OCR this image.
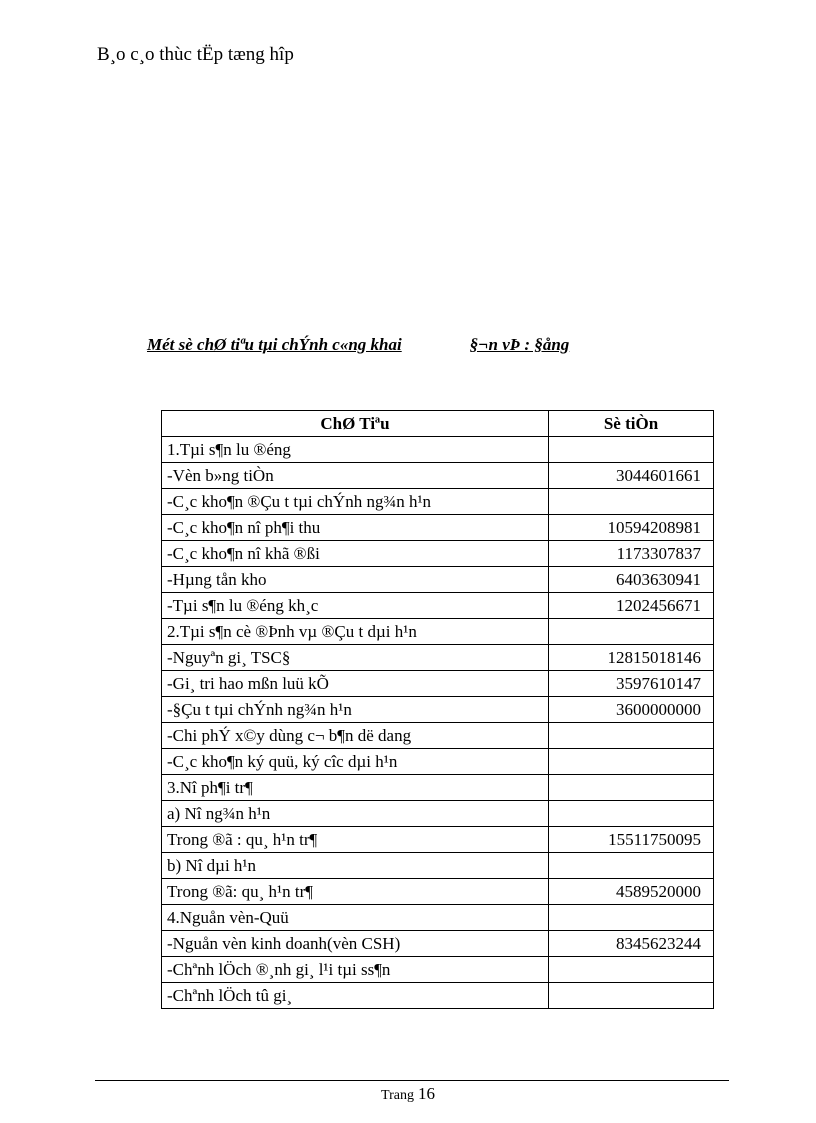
B¸o c¸o thùc tËp tæng hîp
Mét sè chØ tiªu tµi chÝnh c«ng khai	§¬n vÞ : §ång
ChØ Tiªu	Sè tiÒn
1.Tµi s¶n lu ®éng	
-Vèn b»ng tiÒn	3044601661
-C¸c kho¶n ®Çu t tµi chÝnh ng¾n h¹n	
-C¸c kho¶n nî ph¶i thu	10594208981
-C¸c kho¶n nî khã ®ßi	1173307837
-Hµng tån kho	6403630941
-Tµi s¶n lu ®éng kh¸c	1202456671
2.Tµi s¶n cè ®Þnh vµ ®Çu t dµi h¹n	
-Nguyªn gi¸ TSC§	12815018146
-Gi¸ tri hao mßn luü kÕ	3597610147
-§Çu t tµi chÝnh ng¾n h¹n	3600000000
-Chi phÝ x©y dùng c¬ b¶n dë dang	
-C¸c kho¶n ký quü, ký cîc dµi h¹n	
3.Nî ph¶i tr¶	
a) Nî ng¾n h¹n	
Trong ®ã : qu¸ h¹n tr¶	15511750095
b) Nî dµi h¹n	
Trong ®ã: qu¸ h¹n tr¶	4589520000
4.Nguån vèn-Quü	
-Nguån vèn kinh doanh(vèn CSH)	8345623244
-Chªnh lÖch ®¸nh gi¸ l¹i tµi ss¶n	
-Chªnh lÖch tû gi¸	
Trang 16
